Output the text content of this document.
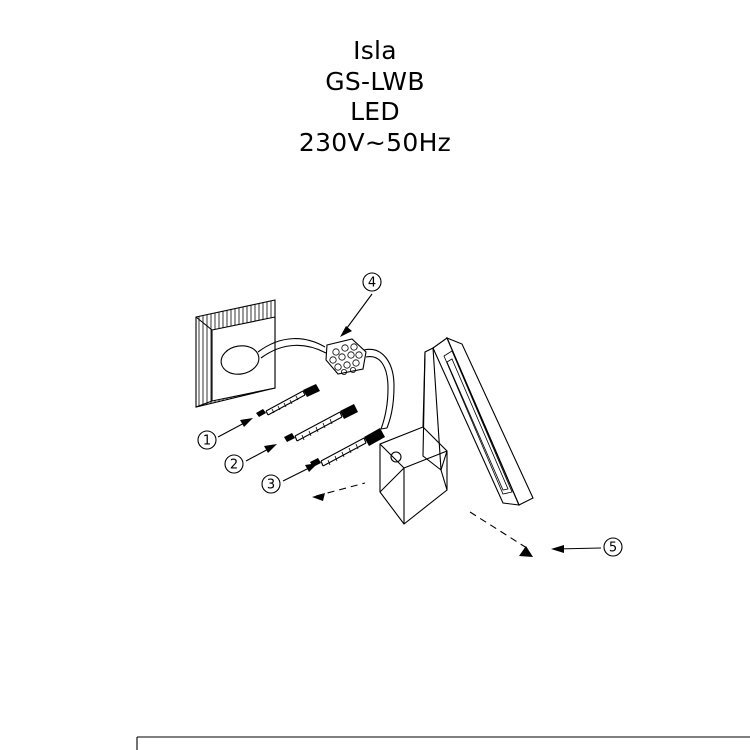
Isla
GS-LWB
LED
230V~50Hz
1
2
3
4
5
